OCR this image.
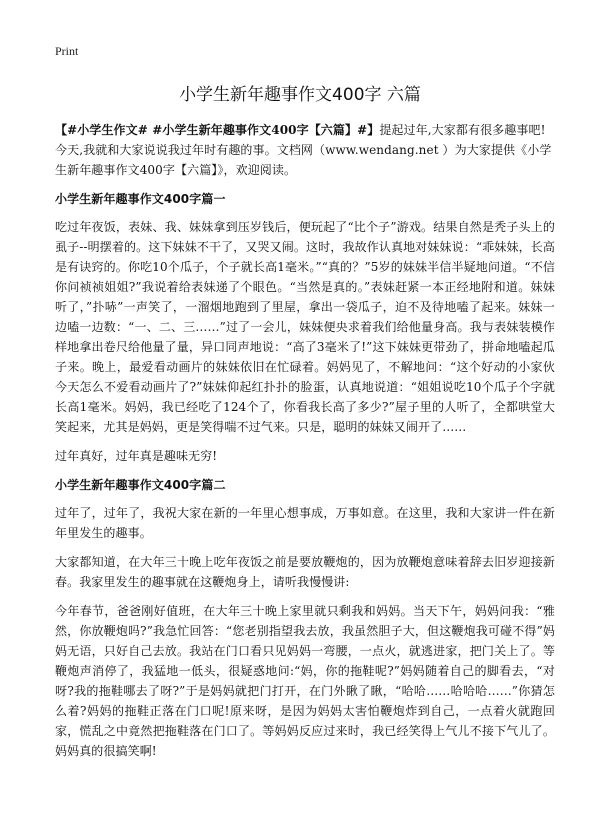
Print
小学生新年趣事作文400字 六篇

【#小学生作文# #小学生新年趣事作文400字【六篇】#】提起过年,大家都有很多趣事吧!今天,我就和大家说说我过年时有趣的事。文档网（www.wendang.net ）为大家提供《小学生新年趣事作文400字【六篇】》，欢迎阅读。

小学生新年趣事作文400字篇一

吃过年夜饭，表妹、我、妹妹拿到压岁钱后，便玩起了“比个子”游戏。结果自然是秃子头上的虱子--明摆着的。这下妹妹不干了，又哭又闹。这时，我故作认真地对妹妹说：“乖妹妹，长高是有诀窍的。你吃10个瓜子，个子就长高1毫米。”“真的？”5岁的妹妹半信半疑地问道。“不信你问祯祯姐姐?”我说着给表妹递了个眼色。“当然是真的。”表妹赶紧一本正经地附和道。妹妹听了，”扑哧”一声笑了，一溜烟地跑到了里屋，拿出一袋瓜子，迫不及待地嗑了起来。妹妹一边嗑一边数：“一、二、三……”过了一会儿，妹妹便央求着我们给他量身高。我与表妹装模作样地拿出卷尺给他量了量，异口同声地说：“高了3毫米了!”这下妹妹更带劲了，拼命地嗑起瓜子来。晚上，最爱看动画片的妹妹依旧在忙碌着。妈妈见了，不解地问：“这个好动的小家伙今天怎么不爱看动画片了?”妹妹仰起红扑扑的脸蛋，认真地说道：“姐姐说吃10个瓜子个字就长高1毫米。妈妈，我已经吃了124个了，你看我长高了多少?”屋子里的人听了，全都哄堂大笑起来，尤其是妈妈，更是笑得喘不过气来。只是，聪明的妹妹又闹开了……

过年真好，过年真是趣味无穷!

小学生新年趣事作文400字篇二

过年了，过年了，我祝大家在新的一年里心想事成，万事如意。在这里，我和大家讲一件在新年里发生的趣事。

大家都知道，在大年三十晚上吃年夜饭之前是要放鞭炮的，因为放鞭炮意味着辞去旧岁迎接新春。我家里发生的趣事就在这鞭炮身上，请听我慢慢讲:

今年春节，爸爸刚好值班，在大年三十晚上家里就只剩我和妈妈。当天下午，妈妈问我：“雅然，你放鞭炮吗?”我急忙回答：“您老别指望我去放，我虽然胆子大，但这鞭炮我可碰不得”妈妈无语，只好自己去放。我站在门口看只见妈妈一弯腰，一点火，就逃进家，把门关上了。等鞭炮声消停了，我猛地一低头，很疑惑地问:“妈，你的拖鞋呢?”妈妈随着自己的脚看去，“对呀?我的拖鞋哪去了呀?”于是妈妈就把门打开，在门外瞅了瞅，“哈哈……哈哈哈……”你猜怎么着?妈妈的拖鞋正落在门口呢!原来呀，是因为妈妈太害怕鞭炮炸到自己，一点着火就跑回家，慌乱之中竟然把拖鞋落在门口了。等妈妈反应过来时，我已经笑得上气儿不接下气儿了。妈妈真的很搞笑啊!
